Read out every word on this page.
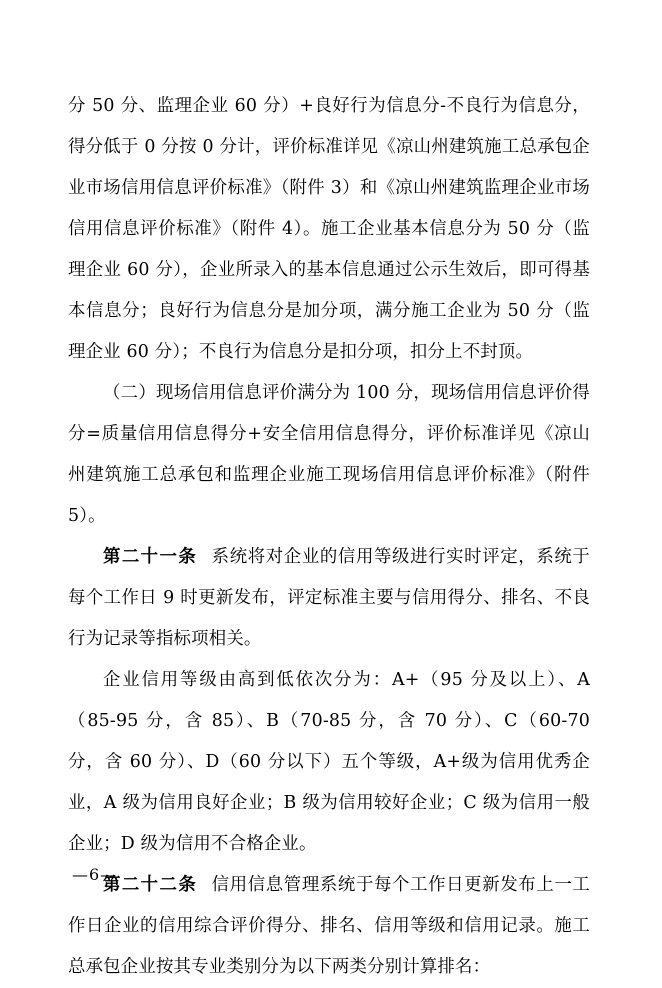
分 50 分、监理企业 60 分）+良好行为信息分-不良行为信息分，得分低于 0 分按 0 分计，评价标准详见《凉山州建筑施工总承包企业市场信用信息评价标准》（附件 3）和《凉山州建筑监理企业市场信用信息评价标准》（附件 4）。施工企业基本信息分为 50 分（监理企业 60 分），企业所录入的基本信息通过公示生效后，即可得基本信息分；良好行为信息分是加分项，满分施工企业为 50 分（监理企业 60 分）；不良行为信息分是扣分项，扣分上不封顶。

（二）现场信用信息评价满分为 100 分，现场信用信息评价得分=质量信用信息得分+安全信用信息得分，评价标准详见《凉山州建筑施工总承包和监理企业施工现场信用信息评价标准》（附件 5）。

第二十一条 系统将对企业的信用等级进行实时评定，系统于每个工作日 9 时更新发布，评定标准主要与信用得分、排名、不良行为记录等指标项相关。

企业信用等级由高到低依次分为：A+（95 分及以上）、A（85-95 分，含 85）、B（70-85 分，含 70 分）、C（60-70 分，含 60 分）、D（60 分以下）五个等级，A+级为信用优秀企业，A 级为信用良好企业；B 级为信用较好企业；C 级为信用一般企业；D 级为信用不合格企业。

第二十二条 信用信息管理系统于每个工作日更新发布上一工作日企业的信用综合评价得分、排名、信用等级和信用记录。施工总承包企业按其专业类别分为以下两类分别计算排名：

—6—
